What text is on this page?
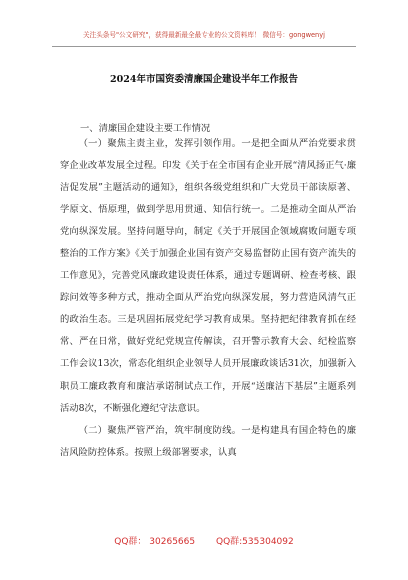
关注头条号"公文研究"，获得最新最全最专业的公文资料库！ 微信号：gongwenyj
2024年市国资委清廉国企建设半年工作报告
一、清廉国企建设主要工作情况

（一）聚焦主责主业，发挥引领作用。一是把全面从严治党要求贯穿企业改革发展全过程。印发《关于在全市国有企业开展“清风扬正气·廉洁促发展”主题活动的通知》，组织各级党组织和广大党员干部读原著、学原文、悟原理，做到学思用贯通、知信行统一。二是推动全面从严治党向纵深发展。坚持问题导向，制定《关于开展国企领域腐败问题专项整治的工作方案》《关于加强企业国有资产交易监督防止国有资产流失的工作意见》，完善党风廉政建设责任体系，通过专题调研、检查考核、跟踪问效等多种方式，推动全面从严治党向纵深发展，努力营造风清气正的政治生态。三是巩固拓展党纪学习教育成果。坚持把纪律教育抓在经常、严在日常，做好党纪党规宣传解读，召开警示教育大会、纪检监察工作会议13次，常态化组织企业领导人员开展廉政谈话31次，加强新入职员工廉政教育和廉洁承诺制试点工作，开展“送廉洁下基层”主题系列活动8次，不断强化遵纪守法意识。

（二）聚焦严管严治，筑牢制度防线。一是构建具有国企特色的廉洁风险防控体系。按照上级部署要求，认真

QQ群： 30265665 QQ群:535304092
